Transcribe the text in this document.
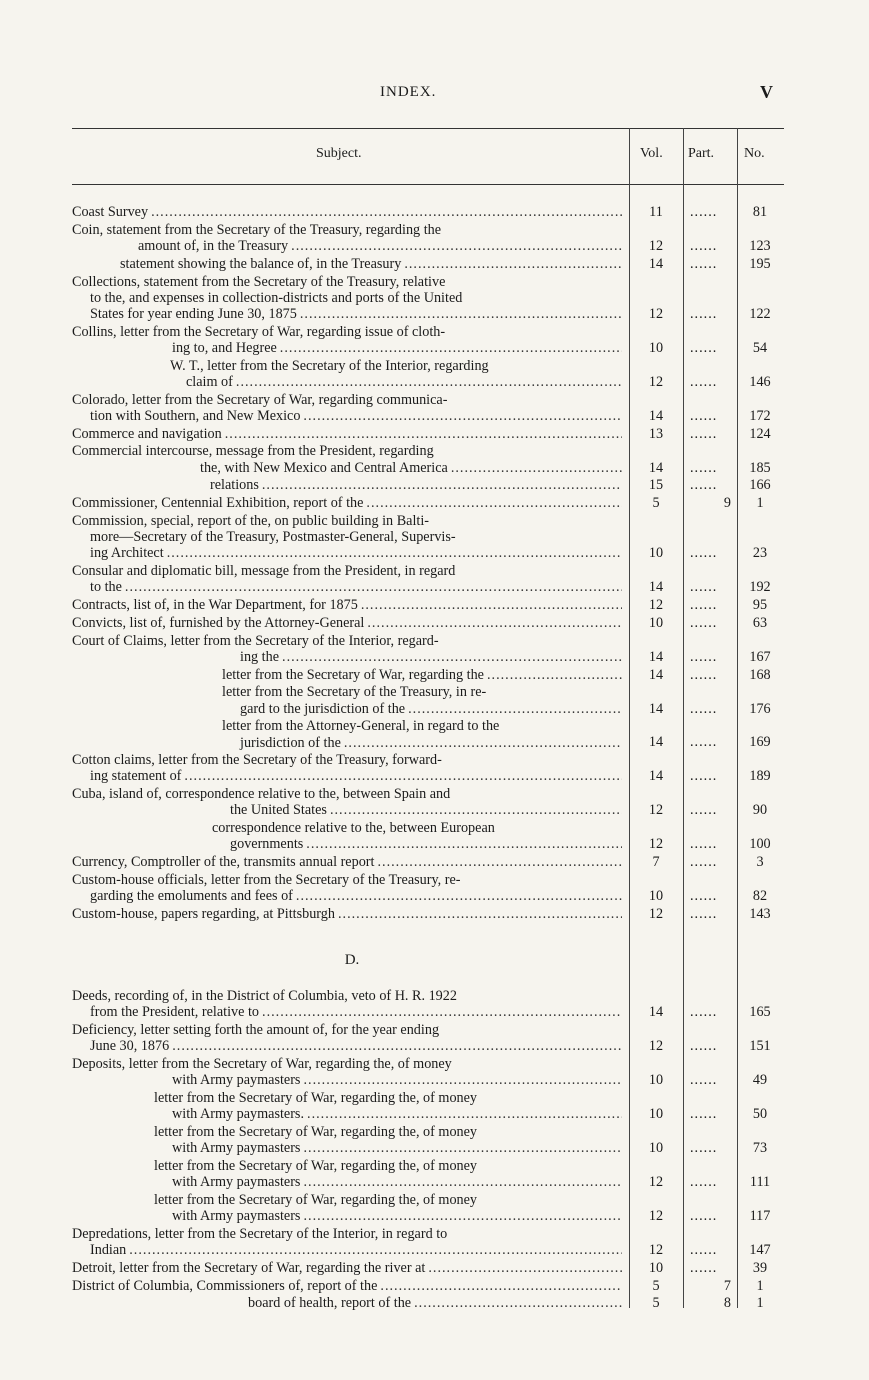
INDEX.	V
Subject.	Vol. Part. No.
Coast Survey .....	11	......	81
Coin, statement from the Secretary of the Treasury, regarding the
amount of, in the Treasury .....	12	......	123
statement showing the balance of, in the Treasury .....	14	......	195
Collections, statement from the Secretary of the Treasury, relative
to the, and expenses in collection-districts and ports of the United
States for year ending June 30, 1875 .....	12	......	122
Collins, letter from the Secretary of War, regarding issue of cloth-
ing to, and Hegree .....	10	......	54
W. T., letter from the Secretary of the Interior, regarding
claim of .....	12	......	146
Colorado, letter from the Secretary of War, regarding communica-
tion with Southern, and New Mexico .....	14	......	172
Commerce and navigation .....	13	......	124
Commercial intercourse, message from the President, regarding
the, with New Mexico and Central America .....	14	......	185
relations .....	15	......	166
Commissioner, Centennial Exhibition, report of the .....	5	9	1
Commission, special, report of the, on public building in Balti-
more—Secretary of the Treasury, Postmaster-General, Supervis-
ing Architect .....	10	......	23
Consular and diplomatic bill, message from the President, in regard
to the .....	14	......	192
Contracts, list of, in the War Department, for 1875 .....	12	......	95
Convicts, list of, furnished by the Attorney-General .....	10	......	63
Court of Claims, letter from the Secretary of the Interior, regard-
ing the .....	14	......	167
letter from the Secretary of War, regarding the .....	14	......	168
letter from the Secretary of the Treasury, in re-
gard to the jurisdiction of the .....	14	......	176
letter from the Attorney-General, in regard to the
jurisdiction of the .....	14	......	169
Cotton claims, letter from the Secretary of the Treasury, forward-
ing statement of .....	14	......	189
Cuba, island of, correspondence relative to the, between Spain and
the United States .....	12	......	90
correspondence relative to the, between European
governments .....	12	......	100
Currency, Comptroller of the, transmits annual report .....	7	......	3
Custom-house officials, letter from the Secretary of the Treasury, re-
garding the emoluments and fees of .....	10	......	82
Custom-house, papers regarding, at Pittsburgh .....	12	......	143
D.
Deeds, recording of, in the District of Columbia, veto of H. R. 1922
from the President, relative to .....	14	......	165
Deficiency, letter setting forth the amount of, for the year ending
June 30, 1876 .....	12	......	151
Deposits, letter from the Secretary of War, regarding the, of money
with Army paymasters .....	10	......	49
letter from the Secretary of War, regarding the, of money
with Army paymasters. .....	10	......	50
letter from the Secretary of War, regarding the, of money
with Army paymasters .....	10	......	73
letter from the Secretary of War, regarding the, of money
with Army paymasters .....	12	......	111
letter from the Secretary of War, regarding the, of money
with Army paymasters .....	12	......	117
Depredations, letter from the Secretary of the Interior, in regard to
Indian .....	12	......	147
Detroit, letter from the Secretary of War, regarding the river at .....	10	......	39
District of Columbia, Commissioners of, report of the .....	5	7	1
board of health, report of the .....	5	8	1
